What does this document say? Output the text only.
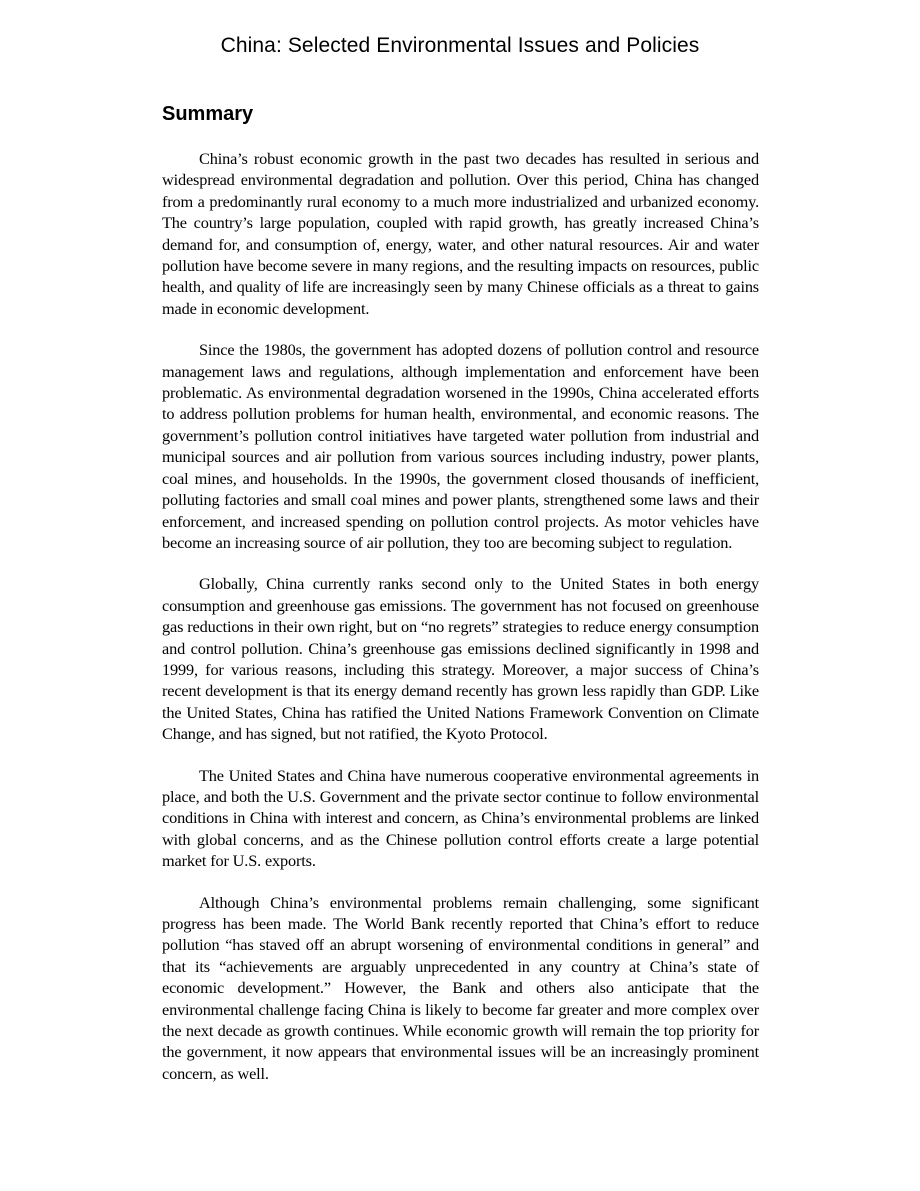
China: Selected Environmental Issues and Policies
Summary

China’s robust economic growth in the past two decades has resulted in serious and widespread environmental degradation and pollution. Over this period, China has changed from a predominantly rural economy to a much more industrialized and urbanized economy. The country’s large population, coupled with rapid growth, has greatly increased China’s demand for, and consumption of, energy, water, and other natural resources. Air and water pollution have become severe in many regions, and the resulting impacts on resources, public health, and quality of life are increasingly seen by many Chinese officials as a threat to gains made in economic development.

Since the 1980s, the government has adopted dozens of pollution control and resource management laws and regulations, although implementation and enforcement have been problematic. As environmental degradation worsened in the 1990s, China accelerated efforts to address pollution problems for human health, environmental, and economic reasons. The government’s pollution control initiatives have targeted water pollution from industrial and municipal sources and air pollution from various sources including industry, power plants, coal mines, and households. In the 1990s, the government closed thousands of inefficient, polluting factories and small coal mines and power plants, strengthened some laws and their enforcement, and increased spending on pollution control projects. As motor vehicles have become an increasing source of air pollution, they too are becoming subject to regulation.

Globally, China currently ranks second only to the United States in both energy consumption and greenhouse gas emissions. The government has not focused on greenhouse gas reductions in their own right, but on “no regrets” strategies to reduce energy consumption and control pollution. China’s greenhouse gas emissions declined significantly in 1998 and 1999, for various reasons, including this strategy. Moreover, a major success of China’s recent development is that its energy demand recently has grown less rapidly than GDP. Like the United States, China has ratified the United Nations Framework Convention on Climate Change, and has signed, but not ratified, the Kyoto Protocol.

The United States and China have numerous cooperative environmental agreements in place, and both the U.S. Government and the private sector continue to follow environmental conditions in China with interest and concern, as China’s environmental problems are linked with global concerns, and as the Chinese pollution control efforts create a large potential market for U.S. exports.

Although China’s environmental problems remain challenging, some significant progress has been made. The World Bank recently reported that China’s effort to reduce pollution “has staved off an abrupt worsening of environmental conditions in general” and that its “achievements are arguably unprecedented in any country at China’s state of economic development.” However, the Bank and others also anticipate that the environmental challenge facing China is likely to become far greater and more complex over the next decade as growth continues. While economic growth will remain the top priority for the government, it now appears that environmental issues will be an increasingly prominent concern, as well.
